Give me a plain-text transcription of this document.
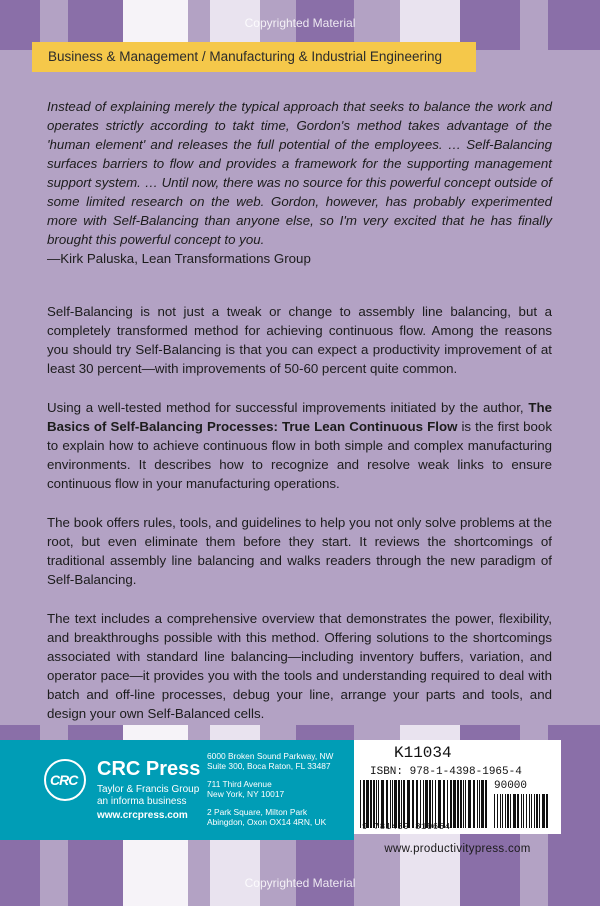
Copyrighted Material
Copyrighted Material
Business & Management / Manufacturing & Industrial Engineering

Instead of explaining merely the typical approach that seeks to balance the work and operates strictly according to takt time, Gordon's method takes advantage of the 'human element' and releases the full potential of the employees. … Self-Balancing surfaces barriers to flow and provides a framework for the supporting management support system. … Until now, there was no source for this powerful concept outside of some limited research on the web. Gordon, however, has probably experimented more with Self-Balancing than anyone else, so I'm very excited that he has finally brought this powerful concept to you.

—Kirk Paluska, Lean Transformations Group

Self-Balancing is not just a tweak or change to assembly line balancing, but a completely transformed method for achieving continuous flow. Among the reasons you should try Self-Balancing is that you can expect a productivity improvement of at least 30 percent—with improvements of 50-60 percent quite common.

Using a well-tested method for successful improvements initiated by the author, The Basics of Self-Balancing Processes: True Lean Continuous Flow is the first book to explain how to achieve continuous flow in both simple and complex manufacturing environments. It describes how to recognize and resolve weak links to ensure continuous flow in your manufacturing operations.

The book offers rules, tools, and guidelines to help you not only solve problems at the root, but even eliminate them before they start. It reviews the shortcomings of traditional assembly line balancing and walks readers through the new paradigm of Self-Balancing.

The text includes a comprehensive overview that demonstrates the power, flexibility, and breakthroughs possible with this method. Offering solutions to the shortcomings associated with standard line balancing—including inventory buffers, variation, and operator pace—it provides you with the tools and understanding required to deal with batch and off-line processes, debug your line, arrange your parts and tools, and design your own Self-Balanced cells.

CRC CRC Press
Taylor & Francis Group
an informa business
www.crcpress.com
6000 Broken Sound Parkway, NW
Suite 300, Boca Raton, FL 33487
711 Third Avenue
New York, NY 10017
2 Park Square, Milton Park
Abingdon, Oxon OX14 4RN, UK
K11034
ISBN: 978-1-4398-1965-4
9 781439 819654
90000
www.productivitypress.com
